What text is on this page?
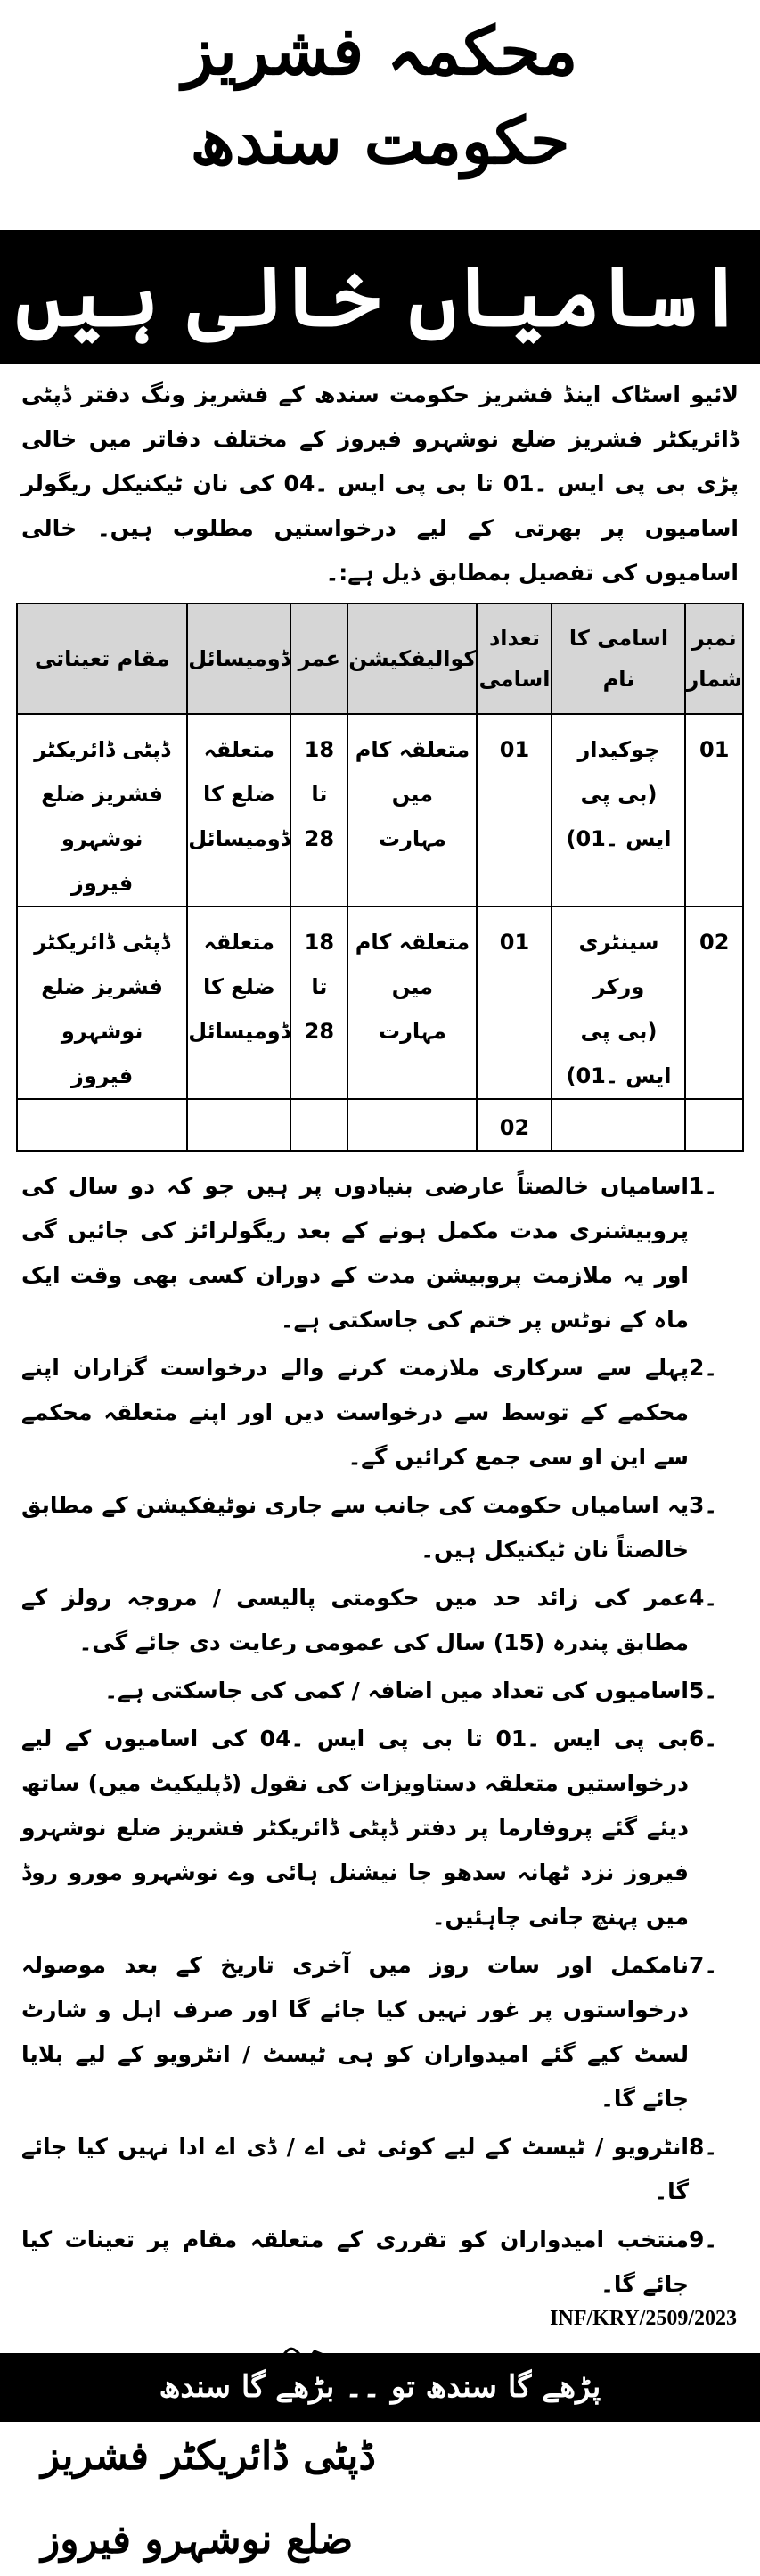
محکمہ فشریز
حکومت سندھ
اسامیاں خالی ہیں

لائیو اسٹاک اینڈ فشریز حکومت سندھ کے فشریز ونگ دفتر ڈپٹی ڈائریکٹر فشریز ضلع نوشہرو فیروز کے مختلف دفاتر میں خالی پڑی بی پی ایس ۔01 تا بی پی ایس ۔04 کی نان ٹیکنیکل ریگولر اسامیوں پر بھرتی کے لیے درخواستیں مطلوب ہیں۔ خالی اسامیوں کی تفصیل بمطابق ذیل ہے:۔

نمبر شمار	اسامی کا نام	تعداد اسامی	کوالیفکیشن	عمر	ڈومیسائل	مقام تعیناتی
01	چوکیدار
(بی پی
ایس ۔01)	01	متعلقہ کام
میں
مہارت	18
تا
28	متعلقہ
ضلع کا
ڈومیسائل	ڈپٹی ڈائریکٹر
فشریز ضلع نوشہرو
فیروز

02	سینٹری ورکر
(بی پی
ایس ۔01)	01	متعلقہ کام
میں
مہارت	18
تا
28	متعلقہ
ضلع کا
ڈومیسائل	ڈپٹی ڈائریکٹر
فشریز ضلع نوشہرو
فیروز

		02				
1۔
اسامیاں خالصتاً عارضی بنیادوں پر ہیں جو کہ دو سال کی پروبیشنری مدت مکمل ہونے کے بعد ریگولرائز کی جائیں گی اور یہ ملازمت پروبیشن مدت کے دوران کسی بھی وقت ایک ماہ کے نوٹس پر ختم کی جاسکتی ہے۔
2۔
پہلے سے سرکاری ملازمت کرنے والے درخواست گزاران اپنے محکمے کے توسط سے درخواست دیں اور اپنے متعلقہ محکمے سے این او سی جمع کرائیں گے۔
3۔
یہ اسامیاں حکومت کی جانب سے جاری نوٹیفکیشن کے مطابق خالصتاً نان ٹیکنیکل ہیں۔
4۔
عمر کی زائد حد میں حکومتی پالیسی / مروجہ رولز کے مطابق پندرہ (15) سال کی عمومی رعایت دی جائے گی۔
5۔
اسامیوں کی تعداد میں اضافہ / کمی کی جاسکتی ہے۔
6۔
بی پی ایس ۔01 تا بی پی ایس ۔04 کی اسامیوں کے لیے درخواستیں متعلقہ دستاویزات کی نقول (ڈپلیکیٹ میں) ساتھ دیئے گئے پروفارما پر دفتر ڈپٹی ڈائریکٹر فشریز ضلع نوشہرو فیروز نزد ٹھانہ سدھو جا نیشنل ہائی وے نوشہرو مورو روڈ میں پہنچ جانی چاہئیں۔
7۔
نامکمل اور سات روز میں آخری تاریخ کے بعد موصولہ درخواستوں پر غور نہیں کیا جائے گا اور صرف اہل و شارٹ لسٹ کیے گئے امیدواران کو ہی ٹیسٹ / انٹرویو کے لیے بلایا جائے گا۔
8۔
انٹرویو / ٹیسٹ کے لیے کوئی ٹی اے / ڈی اے ادا نہیں کیا جائے گا۔
9۔
منتخب امیدواران کو تقرری کے متعلقہ مقام پر تعینات کیا جائے گا۔
ڈپٹی ڈائریکٹر فشریز
ضلع نوشہرو فیروز
INF/KRY/2509/2023
پڑھے گا سندھ تو ۔۔ بڑھے گا سندھ
